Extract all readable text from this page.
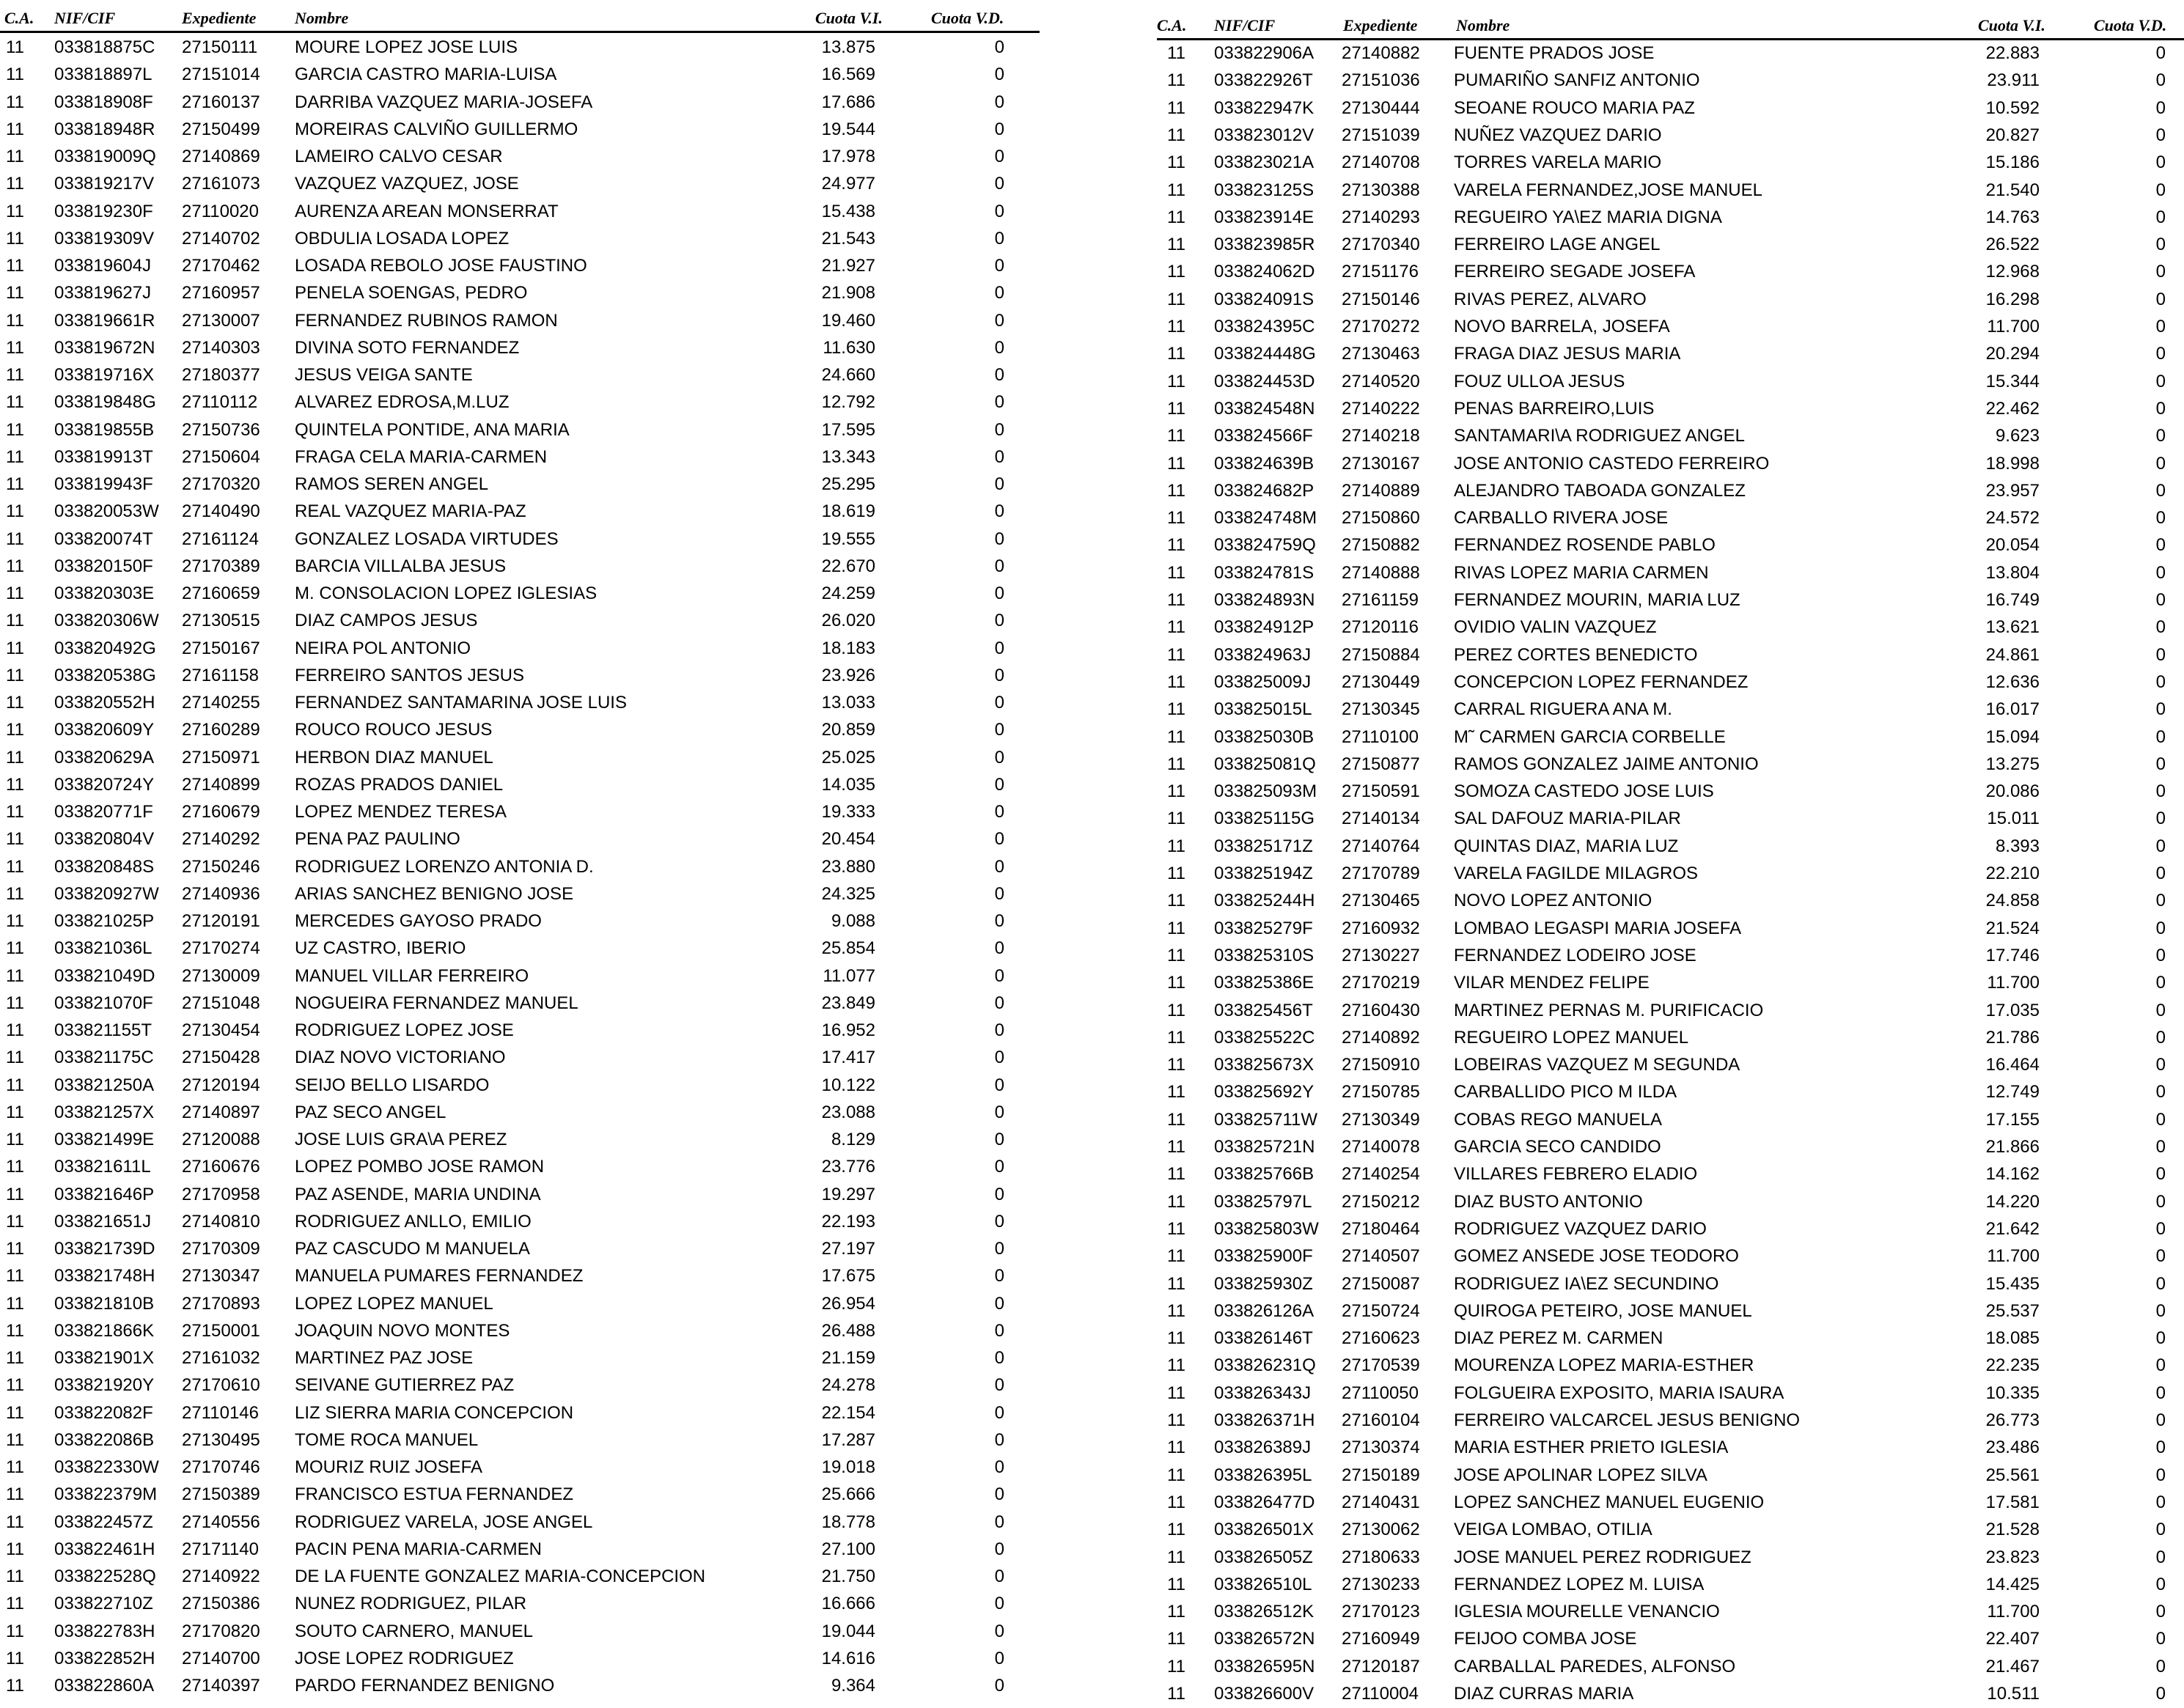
C.A. NIF/CIF	Expediente Nombre	Cuota V.I.	Cuota V.D.
11 033818875C 27150111 MOURE LOPEZ JOSE LUIS	13.875	0
11 033818897L 27151014 GARCIA CASTRO MARIA-LUISA	16.569	0
11 033818908F 27160137 DARRIBA VAZQUEZ MARIA-JOSEFA	17.686	0
11 033818948R 27150499 MOREIRAS CALVIÑO GUILLERMO	19.544	0
11 033819009Q 27140869 LAMEIRO CALVO CESAR	17.978	0
11 033819217V 27161073 VAZQUEZ VAZQUEZ, JOSE	24.977	0
11 033819230F 27110020 AURENZA AREAN MONSERRAT	15.438	0
11 033819309V 27140702 OBDULIA LOSADA LOPEZ	21.543	0
11 033819604J 27170462 LOSADA REBOLO JOSE FAUSTINO	21.927	0
11 033819627J 27160957 PENELA SOENGAS, PEDRO	21.908	0
11 033819661R 27130007 FERNANDEZ RUBINOS RAMON	19.460	0
11 033819672N 27140303 DIVINA SOTO FERNANDEZ	11.630	0
11 033819716X 27180377 JESUS VEIGA SANTE	24.660	0
11 033819848G 27110112 ALVAREZ EDROSA,M.LUZ	12.792	0
11 033819855B 27150736 QUINTELA PONTIDE, ANA MARIA	17.595	0
11 033819913T 27150604 FRAGA CELA MARIA-CARMEN	13.343	0
11 033819943F 27170320 RAMOS SEREN ANGEL	25.295	0
11 033820053W 27140490 REAL VAZQUEZ MARIA-PAZ	18.619	0
11 033820074T 27161124 GONZALEZ LOSADA VIRTUDES	19.555	0
11 033820150F 27170389 BARCIA VILLALBA JESUS	22.670	0
11 033820303E 27160659 M. CONSOLACION LOPEZ IGLESIAS	24.259	0
11 033820306W 27130515 DIAZ CAMPOS JESUS	26.020	0
11 033820492G 27150167 NEIRA POL ANTONIO	18.183	0
11 033820538G 27161158 FERREIRO SANTOS JESUS	23.926	0
11 033820552H 27140255 FERNANDEZ SANTAMARINA JOSE LUIS	13.033	0
11 033820609Y 27160289 ROUCO ROUCO JESUS	20.859	0
11 033820629A 27150971 HERBON DIAZ MANUEL	25.025	0
11 033820724Y 27140899 ROZAS PRADOS DANIEL	14.035	0
11 033820771F 27160679 LOPEZ MENDEZ TERESA	19.333	0
11 033820804V 27140292 PENA PAZ PAULINO	20.454	0
11 033820848S 27150246 RODRIGUEZ LORENZO ANTONIA D.	23.880	0
11 033820927W 27140936 ARIAS SANCHEZ BENIGNO JOSE	24.325	0
11 033821025P 27120191 MERCEDES GAYOSO PRADO	9.088	0
11 033821036L 27170274 UZ CASTRO, IBERIO	25.854	0
11 033821049D 27130009 MANUEL VILLAR FERREIRO	11.077	0
11 033821070F 27151048 NOGUEIRA FERNANDEZ MANUEL	23.849	0
11 033821155T 27130454 RODRIGUEZ LOPEZ JOSE	16.952	0
11 033821175C 27150428 DIAZ NOVO VICTORIANO	17.417	0
11 033821250A 27120194 SEIJO BELLO LISARDO	10.122	0
11 033821257X 27140897 PAZ SECO ANGEL	23.088	0
11 033821499E 27120088 JOSE LUIS GRA\A PEREZ	8.129	0
11 033821611L 27160676 LOPEZ POMBO JOSE RAMON	23.776	0
11 033821646P 27170958 PAZ ASENDE, MARIA UNDINA	19.297	0
11 033821651J 27140810 RODRIGUEZ ANLLO, EMILIO	22.193	0
11 033821739D 27170309 PAZ CASCUDO M MANUELA	27.197	0
11 033821748H 27130347 MANUELA PUMARES FERNANDEZ	17.675	0
11 033821810B 27170893 LOPEZ LOPEZ MANUEL	26.954	0
11 033821866K 27150001 JOAQUIN NOVO MONTES	26.488	0
11 033821901X 27161032 MARTINEZ PAZ JOSE	21.159	0
11 033821920Y 27170610 SEIVANE GUTIERREZ PAZ	24.278	0
11 033822082F 27110146 LIZ SIERRA MARIA CONCEPCION	22.154	0
11 033822086B 27130495 TOME ROCA MANUEL	17.287	0
11 033822330W 27170746 MOURIZ RUIZ JOSEFA	19.018	0
11 033822379M 27150389 FRANCISCO ESTUA FERNANDEZ	25.666	0
11 033822457Z 27140556 RODRIGUEZ VARELA, JOSE ANGEL	18.778	0
11 033822461H 27171140 PACIN PENA MARIA-CARMEN	27.100	0
11 033822528Q 27140922 DE LA FUENTE GONZALEZ MARIA-CONCEPCION	21.750	0
11 033822710Z 27150386 NUNEZ RODRIGUEZ, PILAR	16.666	0
11 033822783H 27170820 SOUTO CARNERO, MANUEL	19.044	0
11 033822852H 27140700 JOSE LOPEZ RODRIGUEZ	14.616	0
11 033822860A 27140397 PARDO FERNANDEZ BENIGNO	9.364	0
C.A. NIF/CIF	Expediente Nombre	Cuota V.I.	Cuota V.D.
11 033822906A 27140882 FUENTE PRADOS JOSE	22.883	0
11 033822926T 27151036 PUMARIÑO SANFIZ ANTONIO	23.911	0
11 033822947K 27130444 SEOANE ROUCO MARIA PAZ	10.592	0
11 033823012V 27151039 NUÑEZ VAZQUEZ DARIO	20.827	0
11 033823021A 27140708 TORRES VARELA MARIO	15.186	0
11 033823125S 27130388 VARELA FERNANDEZ,JOSE MANUEL	21.540	0
11 033823914E 27140293 REGUEIRO YA\EZ MARIA DIGNA	14.763	0
11 033823985R 27170340 FERREIRO LAGE ANGEL	26.522	0
11 033824062D 27151176 FERREIRO SEGADE JOSEFA	12.968	0
11 033824091S 27150146 RIVAS PEREZ, ALVARO	16.298	0
11 033824395C 27170272 NOVO BARRELA, JOSEFA	11.700	0
11 033824448G 27130463 FRAGA DIAZ JESUS MARIA	20.294	0
11 033824453D 27140520 FOUZ ULLOA JESUS	15.344	0
11 033824548N 27140222 PENAS BARREIRO,LUIS	22.462	0
11 033824566F 27140218 SANTAMARI\A RODRIGUEZ ANGEL	9.623	0
11 033824639B 27130167 JOSE ANTONIO CASTEDO FERREIRO	18.998	0
11 033824682P 27140889 ALEJANDRO TABOADA GONZALEZ	23.957	0
11 033824748M 27150860 CARBALLO RIVERA JOSE	24.572	0
11 033824759Q 27150882 FERNANDEZ ROSENDE PABLO	20.054	0
11 033824781S 27140888 RIVAS LOPEZ MARIA CARMEN	13.804	0
11 033824893N 27161159 FERNANDEZ MOURIN, MARIA LUZ	16.749	0
11 033824912P 27120116 OVIDIO VALIN VAZQUEZ	13.621	0
11 033824963J 27150884 PEREZ CORTES BENEDICTO	24.861	0
11 033825009J 27130449 CONCEPCION LOPEZ FERNANDEZ	12.636	0
11 033825015L 27130345 CARRAL RIGUERA ANA M.	16.017	0
11 033825030B 27110100 M˜ CARMEN GARCIA CORBELLE	15.094	0
11 033825081Q 27150877 RAMOS GONZALEZ JAIME ANTONIO	13.275	0
11 033825093M 27150591 SOMOZA CASTEDO JOSE LUIS	20.086	0
11 033825115G 27140134 SAL DAFOUZ MARIA-PILAR	15.011	0
11 033825171Z 27140764 QUINTAS DIAZ, MARIA LUZ	8.393	0
11 033825194Z 27170789 VARELA FAGILDE MILAGROS	22.210	0
11 033825244H 27130465 NOVO LOPEZ ANTONIO	24.858	0
11 033825279F 27160932 LOMBAO LEGASPI MARIA JOSEFA	21.524	0
11 033825310S 27130227 FERNANDEZ LODEIRO JOSE	17.746	0
11 033825386E 27170219 VILAR MENDEZ FELIPE	11.700	0
11 033825456T 27160430 MARTINEZ PERNAS M. PURIFICACIO	17.035	0
11 033825522C 27140892 REGUEIRO LOPEZ MANUEL	21.786	0
11 033825673X 27150910 LOBEIRAS VAZQUEZ M SEGUNDA	16.464	0
11 033825692Y 27150785 CARBALLIDO PICO M ILDA	12.749	0
11 033825711W 27130349 COBAS REGO MANUELA	17.155	0
11 033825721N 27140078 GARCIA SECO CANDIDO	21.866	0
11 033825766B 27140254 VILLARES FEBRERO ELADIO	14.162	0
11 033825797L 27150212 DIAZ BUSTO ANTONIO	14.220	0
11 033825803W 27180464 RODRIGUEZ VAZQUEZ DARIO	21.642	0
11 033825900F 27140507 GOMEZ ANSEDE JOSE TEODORO	11.700	0
11 033825930Z 27150087 RODRIGUEZ IA\EZ SECUNDINO	15.435	0
11 033826126A 27150724 QUIROGA PETEIRO, JOSE MANUEL	25.537	0
11 033826146T 27160623 DIAZ PEREZ M. CARMEN	18.085	0
11 033826231Q 27170539 MOURENZA LOPEZ MARIA-ESTHER	22.235	0
11 033826343J 27110050 FOLGUEIRA EXPOSITO, MARIA ISAURA	10.335	0
11 033826371H 27160104 FERREIRO VALCARCEL JESUS BENIGNO	26.773	0
11 033826389J 27130374 MARIA ESTHER PRIETO IGLESIA	23.486	0
11 033826395L 27150189 JOSE APOLINAR LOPEZ SILVA	25.561	0
11 033826477D 27140431 LOPEZ SANCHEZ MANUEL EUGENIO	17.581	0
11 033826501X 27130062 VEIGA LOMBAO, OTILIA	21.528	0
11 033826505Z 27180633 JOSE MANUEL PEREZ RODRIGUEZ	23.823	0
11 033826510L 27130233 FERNANDEZ LOPEZ M. LUISA	14.425	0
11 033826512K 27170123 IGLESIA MOURELLE VENANCIO	11.700	0
11 033826572N 27160949 FEIJOO COMBA JOSE	22.407	0
11 033826595N 27120187 CARBALLAL PAREDES, ALFONSO	21.467	0
11 033826600V 27110004 DIAZ CURRAS MARIA	10.511	0
